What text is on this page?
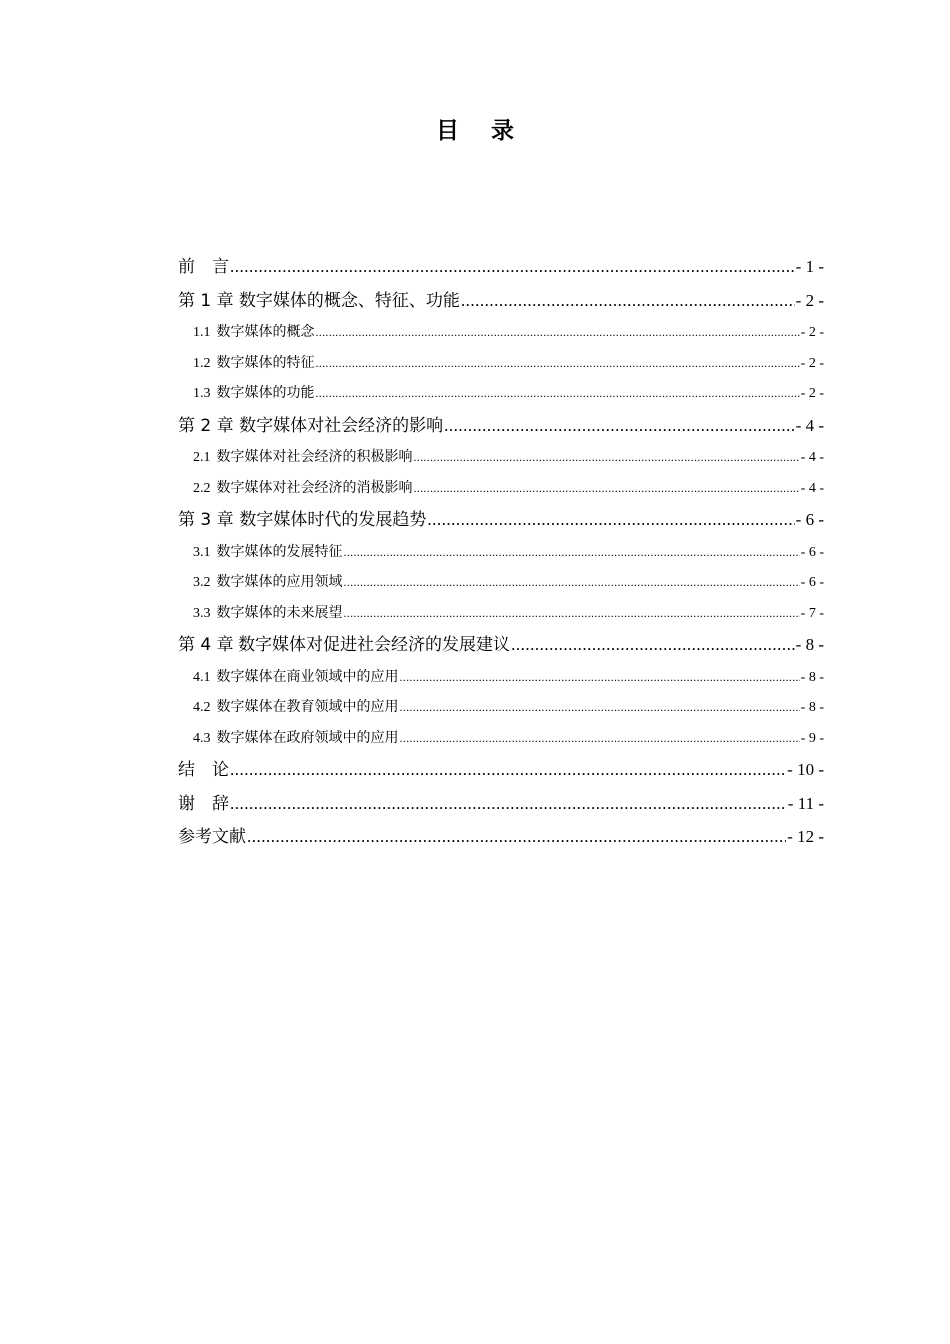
目 录
前　言 .....	- 1 -
第 1 章 数字媒体的概念、特征、功能 .....	- 2 -
1.1 数字媒体的概念 .....	- 2 -
1.2 数字媒体的特征 .....	- 2 -
1.3 数字媒体的功能 .....	- 2 -
第 2 章 数字媒体对社会经济的影响 .....	- 4 -
2.1 数字媒体对社会经济的积极影响 .....	- 4 -
2.2 数字媒体对社会经济的消极影响 .....	- 4 -
第 3 章 数字媒体时代的发展趋势 .....	- 6 -
3.1 数字媒体的发展特征 .....	- 6 -
3.2 数字媒体的应用领域 .....	- 6 -
3.3 数字媒体的未来展望 .....	- 7 -
第 4 章 数字媒体对促进社会经济的发展建议 .....	- 8 -
4.1 数字媒体在商业领域中的应用 .....	- 8 -
4.2 数字媒体在教育领域中的应用 .....	- 8 -
4.3 数字媒体在政府领域中的应用 .....	- 9 -
结　论 .....	- 10 -
谢　辞 .....	- 11 -
参考文献 .....	- 12 -
